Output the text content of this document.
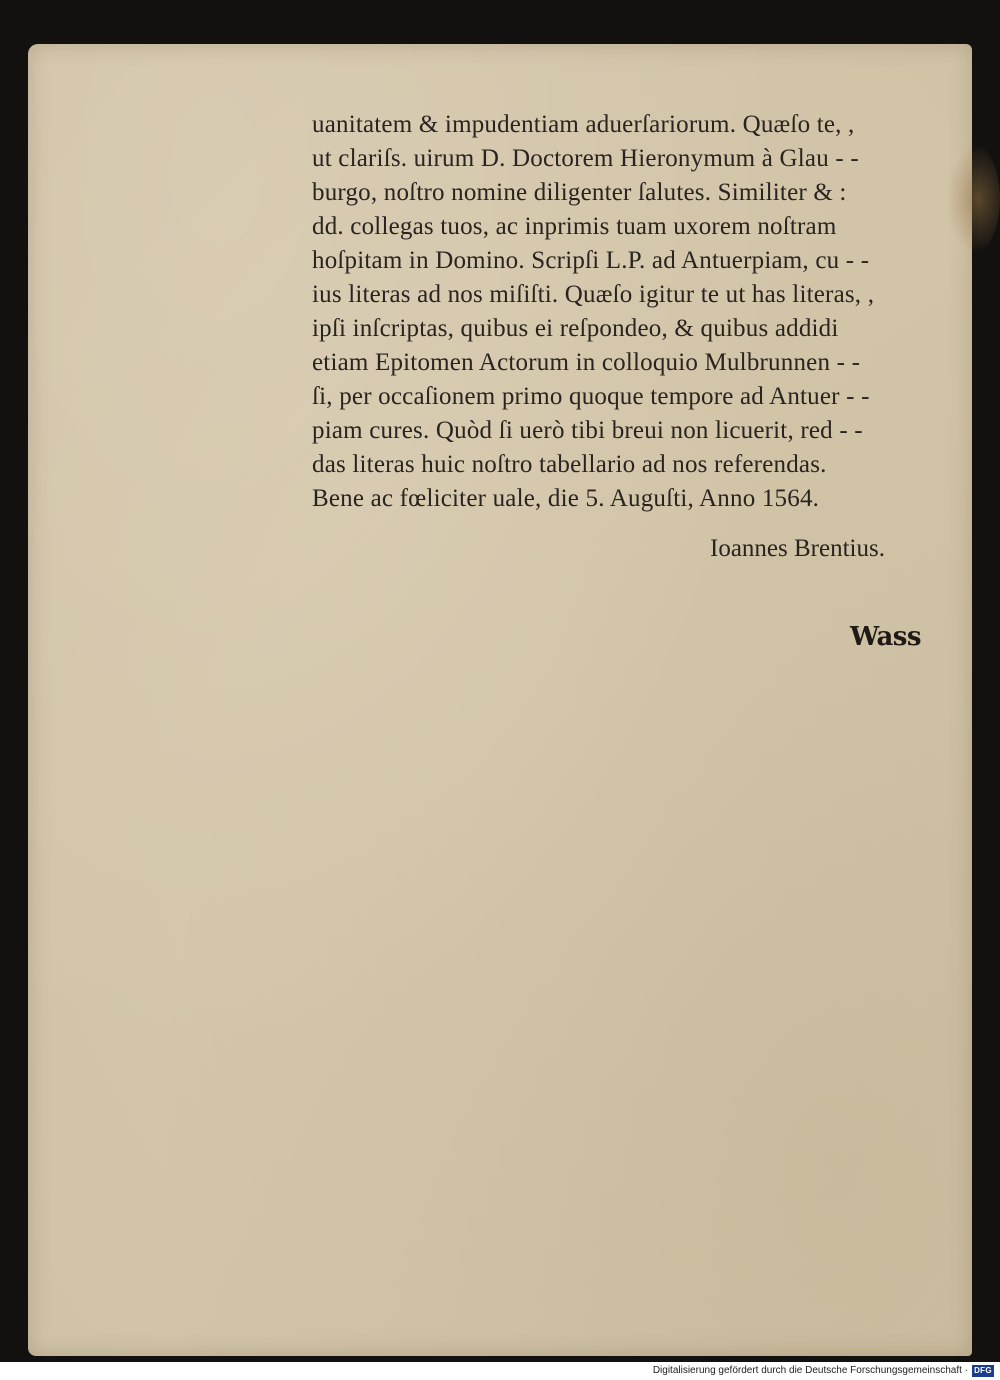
uanitatem & impudentiam aduerſariorum. Quæſo te, ,
ut clariſs. uirum D. Doctorem Hieronymum à Glau - -
burgo, noſtro nomine diligenter ſalutes. Similiter & :
dd. collegas tuos, ac inprimis tuam uxorem noſtram
hoſpitam in Domino. Scripſi L.P. ad Antuerpiam, cu - -
ius literas ad nos miſiſti. Quæſo igitur te ut has literas, ,
ipſi inſcriptas, quibus ei reſpondeo, & quibus addidi
etiam Epitomen Actorum in colloquio Mulbrunnen - -
ſi, per occaſionem primo quoque tempore ad Antuer - -
piam cures. Quòd ſi uerò tibi breui non licuerit, red - -
das literas huic noſtro tabellario ad nos referendas.
Bene ac fœliciter uale, die 5. Auguſti, Anno 1564.
Ioannes Brentius.
Wass
Digitalisierung gefördert durch die Deutsche Forschungsgemeinschaft · DFG
